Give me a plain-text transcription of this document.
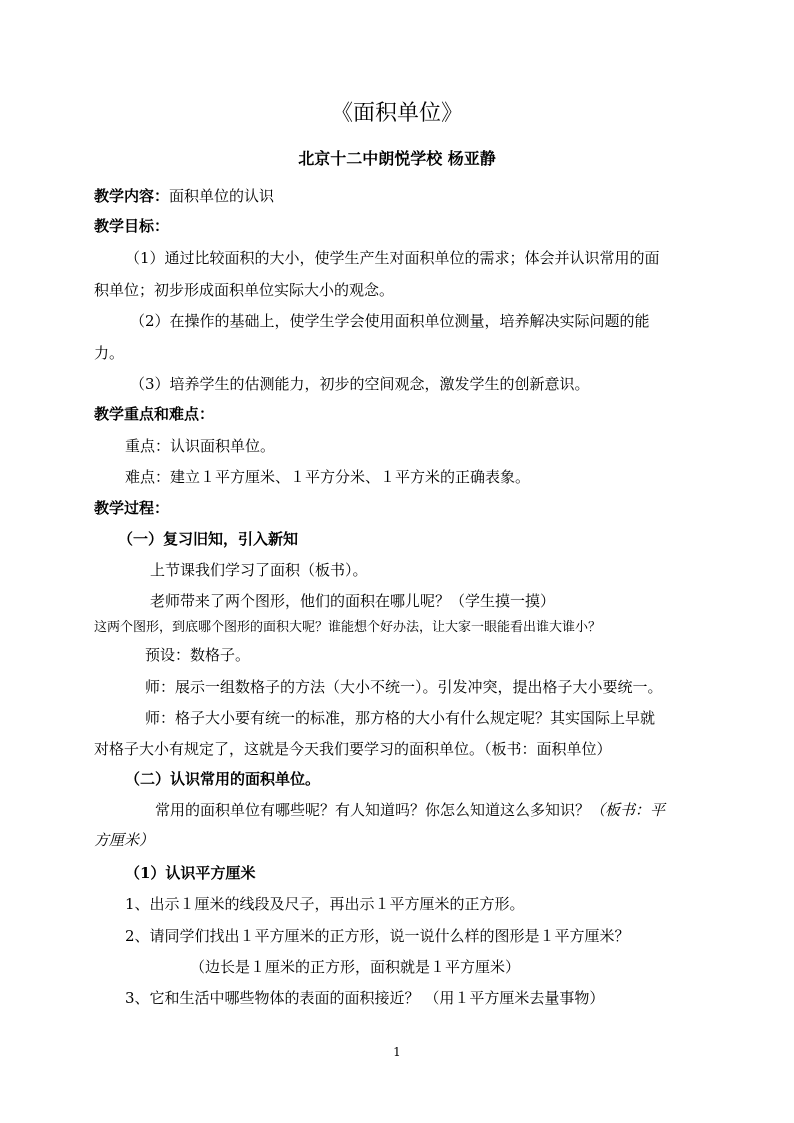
《面积单位》
北京十二中朗悦学校 杨亚静
教学内容：面积单位的认识
教学目标：
（1）通过比较面积的大小，使学生产生对面积单位的需求；体会并认识常用的面
积单位；初步形成面积单位实际大小的观念。
（2）在操作的基础上，使学生学会使用面积单位测量，培养解决实际问题的能
力。
（3）培养学生的估测能力，初步的空间观念，激发学生的创新意识。
教学重点和难点：
重点：认识面积单位。
难点：建立１平方厘米、１平方分米、１平方米的正确表象。
教学过程：
（一）复习旧知，引入新知
上节课我们学习了面积（板书）。
老师带来了两个图形，他们的面积在哪儿呢？（学生摸一摸）
这两个图形，到底哪个图形的面积大呢？谁能想个好办法，让大家一眼能看出谁大谁小？
预设：数格子。
师：展示一组数格子的方法（大小不统一）。引发冲突，提出格子大小要统一。
师：格子大小要有统一的标准，那方格的大小有什么规定呢？其实国际上早就
对格子大小有规定了，这就是今天我们要学习的面积单位。（板书：面积单位）
（二）认识常用的面积单位。
常用的面积单位有哪些呢？有人知道吗？你怎么知道这么多知识？（板书：平
方厘米）
（1）认识平方厘米
1、出示１厘米的线段及尺子，再出示１平方厘米的正方形。
2、请同学们找出１平方厘米的正方形，说一说什么样的图形是１平方厘米？
（边长是１厘米的正方形，面积就是１平方厘米）
3、它和生活中哪些物体的表面的面积接近？ （用１平方厘米去量事物）
1
